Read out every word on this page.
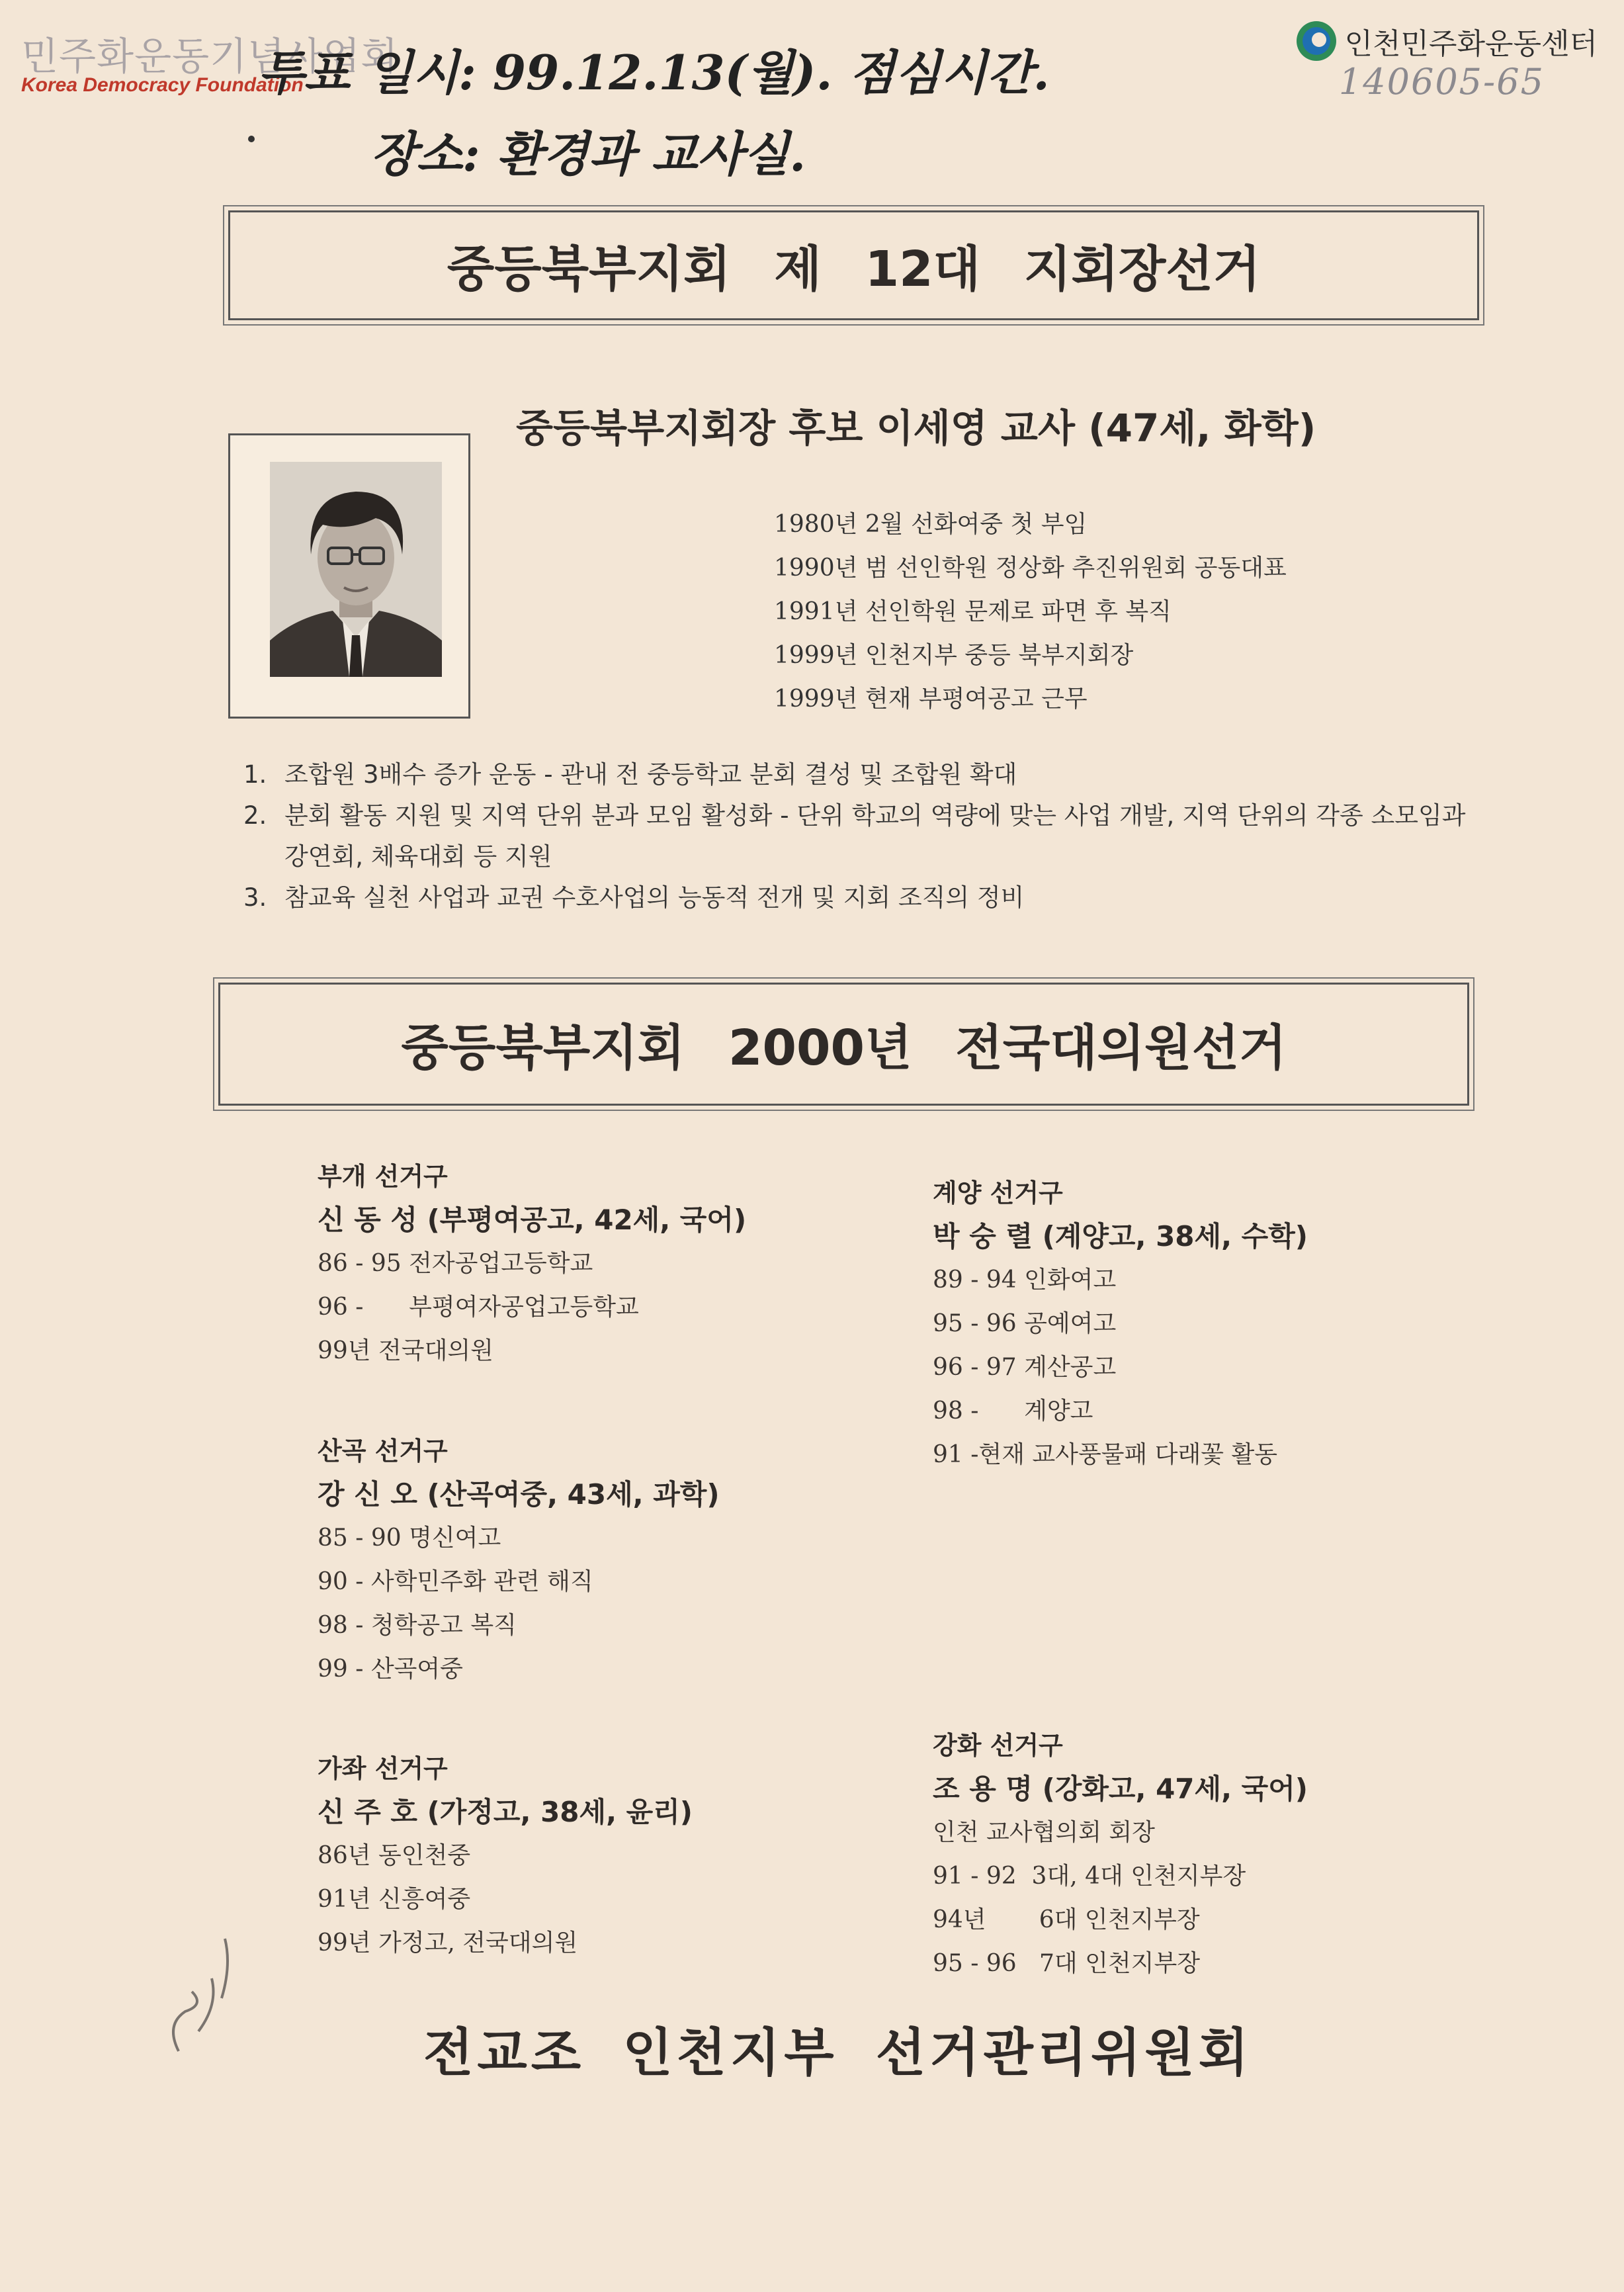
민주화운동기념사업회
Korea Democracy Foundation
인천민주화운동센터
140605-65
투표 일시: 99.12.13(월). 점심시간.
장소: 환경과 교사실.
중등북부지회 제 12대 지회장선거
중등북부지회장 후보 이세영 교사 (47세, 화학)
1980년 2월 선화여중 첫 부임
1990년 범 선인학원 정상화 추진위원회 공동대표
1991년 선인학원 문제로 파면 후 복직
1999년 인천지부 중등 북부지회장
1999년 현재 부평여공고 근무
1. 조합원 3배수 증가 운동 - 관내 전 중등학교 분회 결성 및 조합원 확대
2. 분회 활동 지원 및 지역 단위 분과 모임 활성화 - 단위 학교의 역량에 맞는 사업 개발, 지역 단위의 각종 소모임과 강연회, 체육대회 등 지원
3. 참교육 실천 사업과 교권 수호사업의 능동적 전개 및 지회 조직의 정비
중등북부지회 2000년 전국대의원선거
부개 선거구
신 동 성 (부평여공고, 42세, 국어)
86 - 95 전자공업고등학교
96 -      부평여자공업고등학교
99년 전국대의원
산곡 선거구
강 신 오 (산곡여중, 43세, 과학)
85 - 90 명신여고
90 - 사학민주화 관련 해직
98 - 청학공고 복직
99 - 산곡여중
가좌 선거구
신 주 호 (가정고, 38세, 윤리)
86년 동인천중
91년 신흥여중
99년 가정고, 전국대의원
계양 선거구
박 숭 렬 (계양고, 38세, 수학)
89 - 94 인화여고
95 - 96 공예여고
96 - 97 계산공고
98 -      계양고
91 -현재 교사풍물패 다래꽃 활동
강화 선거구
조 용 명 (강화고, 47세, 국어)
인천 교사협의회 회장
91 - 92  3대, 4대 인천지부장
94년       6대 인천지부장
95 - 96   7대 인천지부장
전교조 인천지부 선거관리위원회
